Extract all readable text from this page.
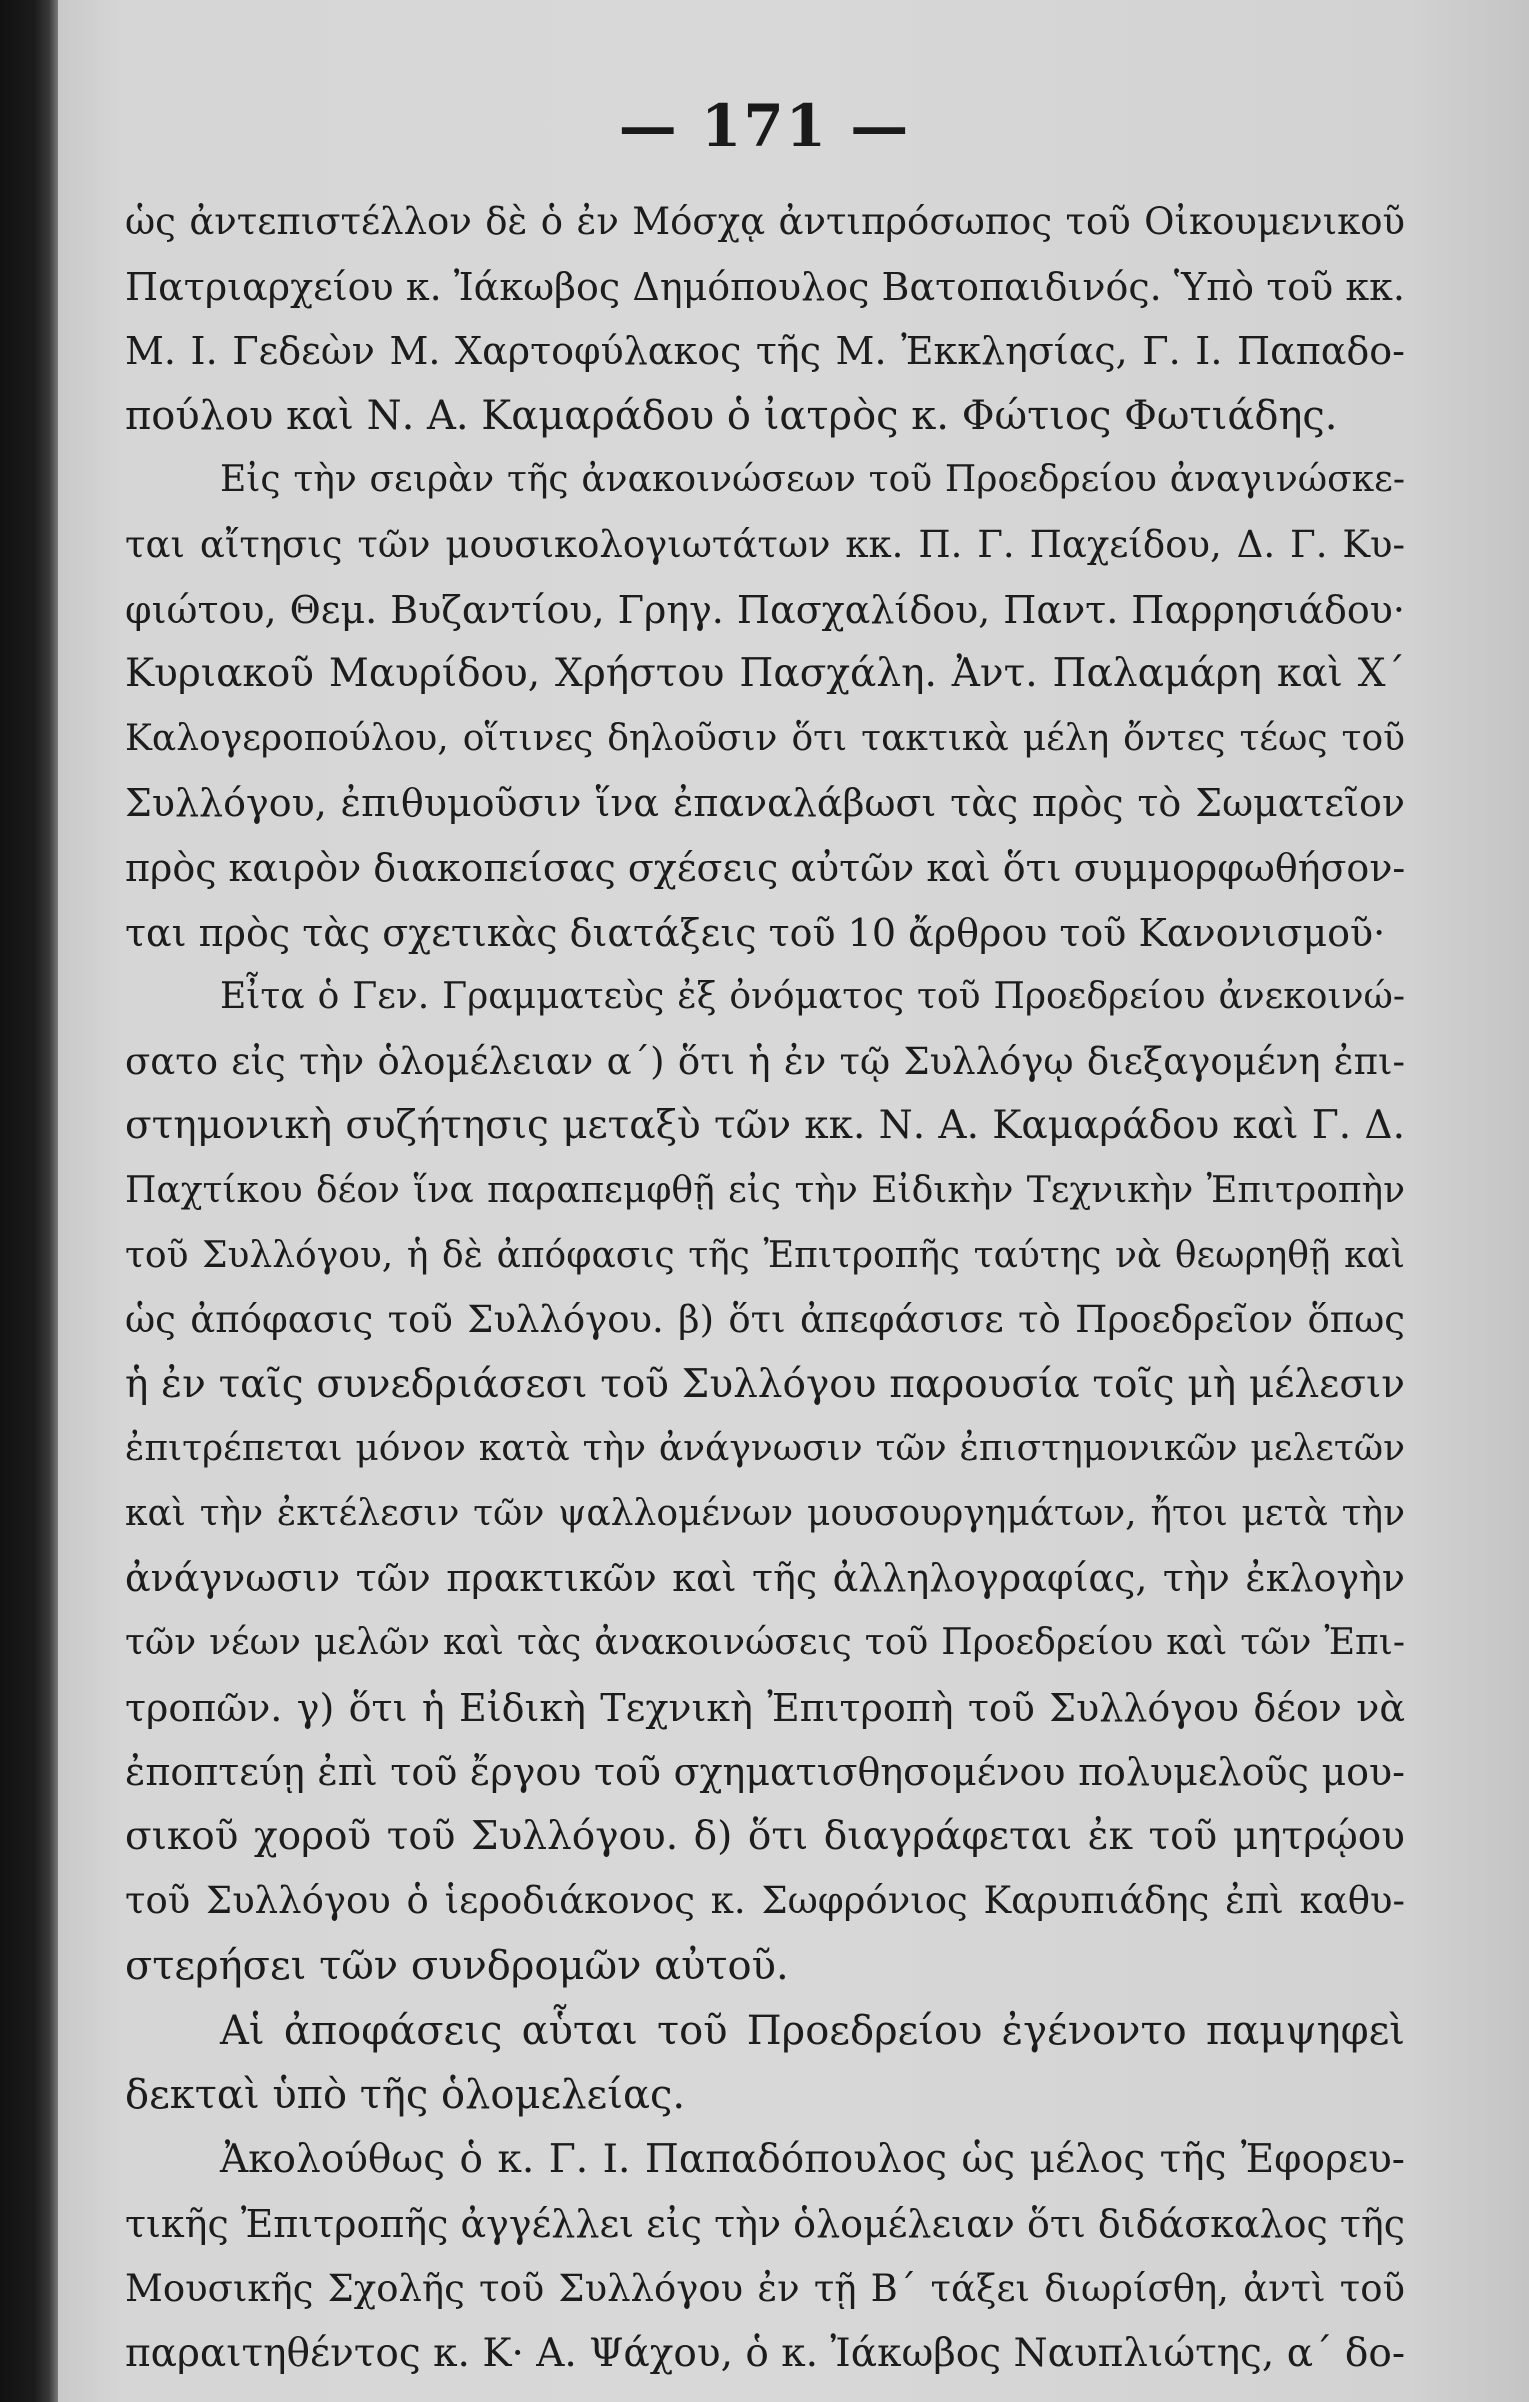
— 171 —
ὡς ἀντεπιστέλλον δὲ ὁ ἐν Μόσχᾳ ἀντιπρόσωπος τοῦ Οἰκουμενικοῦ
Πατριαρχείου κ. Ἰάκωβος Δημόπουλος Βατοπαιδινός. Ὑπὸ τοῦ κκ.
Μ. Ι. Γεδεὼν Μ. Χαρτοφύλακος τῆς Μ. Ἐκκλησίας, Γ. Ι. Παπαδο-
πούλου καὶ Ν. Α. Καμαράδου ὁ ἰατρὸς κ. Φώτιος Φωτιάδης.
Εἰς τὴν σειρὰν τῆς ἀνακοινώσεων τοῦ Προεδρείου ἀναγινώσκε-
ται αἴτησις τῶν μουσικολογιωτάτων κκ. Π. Γ. Παχείδου, Δ. Γ. Κυ-
φιώτου, Θεμ. Βυζαντίου, Γρηγ. Πασχαλίδου, Παντ. Παρρησιάδου·
Κυριακοῦ Μαυρίδου, Χρήστου Πασχάλη. Ἀντ. Παλαμάρη καὶ Χ΄
Καλογεροπούλου, οἵτινες δηλοῦσιν ὅτι τακτικὰ μέλη ὄντες τέως τοῦ
Συλλόγου, ἐπιθυμοῦσιν ἵνα ἐπαναλάβωσι τὰς πρὸς τὸ Σωματεῖον
πρὸς καιρὸν διακοπείσας σχέσεις αὐτῶν καὶ ὅτι συμμορφωθήσον-
ται πρὸς τὰς σχετικὰς διατάξεις τοῦ 10 ἄρθρου τοῦ Κανονισμοῦ·
Εἶτα ὁ Γεν. Γραμματεὺς ἐξ ὀνόματος τοῦ Προεδρείου ἀνεκοινώ-
σατο εἰς τὴν ὁλομέλειαν α΄) ὅτι ἡ ἐν τῷ Συλλόγῳ διεξαγομένη ἐπι-
στημονικὴ συζήτησις μεταξὺ τῶν κκ. Ν. Α. Καμαράδου καὶ Γ. Δ.
Παχτίκου δέον ἵνα παραπεμφθῇ εἰς τὴν Εἰδικὴν Τεχνικὴν Ἐπιτροπὴν
τοῦ Συλλόγου, ἡ δὲ ἀπόφασις τῆς Ἐπιτροπῆς ταύτης νὰ θεωρηθῇ καὶ
ὡς ἀπόφασις τοῦ Συλλόγου. β) ὅτι ἀπεφάσισε τὸ Προεδρεῖον ὅπως
ἡ ἐν ταῖς συνεδριάσεσι τοῦ Συλλόγου παρουσία τοῖς μὴ μέλεσιν
ἐπιτρέπεται μόνον κατὰ τὴν ἀνάγνωσιν τῶν ἐπιστημονικῶν μελετῶν
καὶ τὴν ἐκτέλεσιν τῶν ψαλλομένων μουσουργημάτων, ἤτοι μετὰ τὴν
ἀνάγνωσιν τῶν πρακτικῶν καὶ τῆς ἀλληλογραφίας, τὴν ἐκλογὴν
τῶν νέων μελῶν καὶ τὰς ἀνακοινώσεις τοῦ Προεδρείου καὶ τῶν Ἐπι-
τροπῶν. γ) ὅτι ἡ Εἰδικὴ Τεχνικὴ Ἐπιτροπὴ τοῦ Συλλόγου δέον νὰ
ἐποπτεύῃ ἐπὶ τοῦ ἔργου τοῦ σχηματισθησομένου πολυμελοῦς μου-
σικοῦ χοροῦ τοῦ Συλλόγου. δ) ὅτι διαγράφεται ἐκ τοῦ μητρῴου
τοῦ Συλλόγου ὁ ἱεροδιάκονος κ. Σωφρόνιος Καρυπιάδης ἐπὶ καθυ-
στερήσει τῶν συνδρομῶν αὐτοῦ.
Αἱ ἀποφάσεις αὗται τοῦ Προεδρείου ἐγένοντο παμψηφεὶ
δεκταὶ ὑπὸ τῆς ὁλομελείας.
Ἀκολούθως ὁ κ. Γ. Ι. Παπαδόπουλος ὡς μέλος τῆς Ἐφορευ-
τικῆς Ἐπιτροπῆς ἀγγέλλει εἰς τὴν ὁλομέλειαν ὅτι διδάσκαλος τῆς
Μουσικῆς Σχολῆς τοῦ Συλλόγου ἐν τῇ Β΄ τάξει διωρίσθη, ἀντὶ τοῦ
παραιτηθέντος κ. Κ· Α. Ψάχου, ὁ κ. Ἰάκωβος Ναυπλιώτης, α΄ δο-
